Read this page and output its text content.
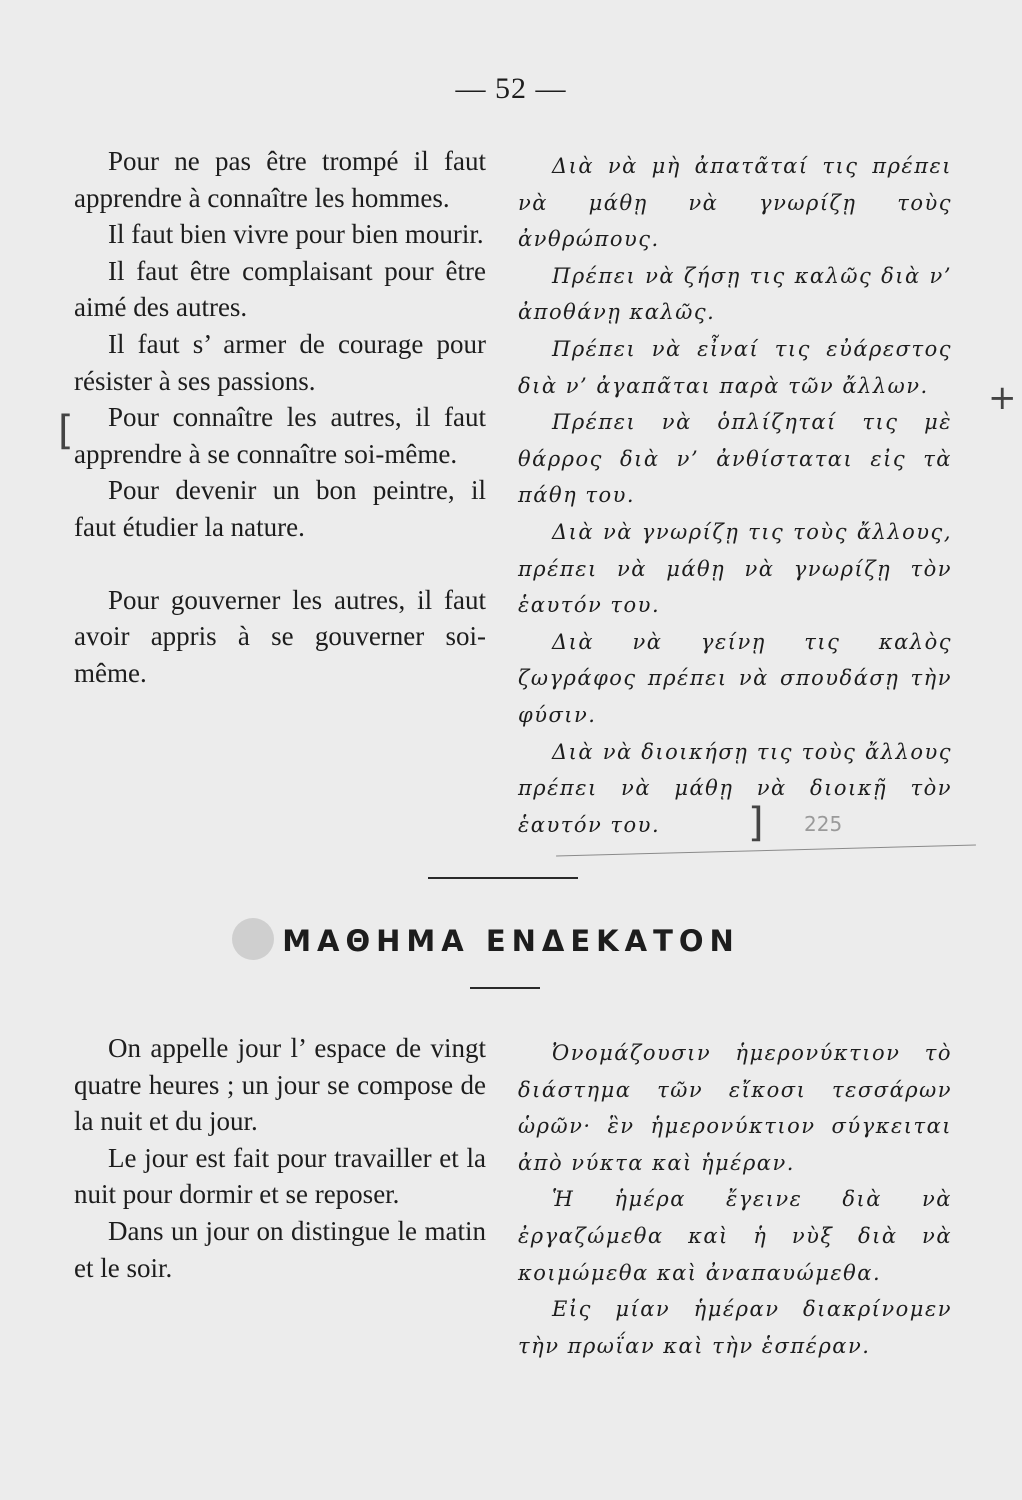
— 52 —

Pour ne pas être trompé il faut apprendre à connaître les hommes.

Il faut bien vivre pour bien mourir.

Il faut être complaisant pour être aimé des autres.

Il faut s’ armer de courage pour résister à ses passions.

Pour connaître les autres, il faut apprendre à se connaître soi-même.

Pour devenir un bon peintre, il faut étudier la nature.

Pour gouverner les autres, il faut avoir appris à se gouverner soi-même.

Διὰ νὰ μὴ ἀπατᾶταί τις πρέπει νὰ μάθῃ νὰ γνωρίζῃ τοὺς ἀνθρώπους.

Πρέπει νὰ ζήσῃ τις καλῶς διὰ ν’ ἀποθάνῃ καλῶς.

Πρέπει νὰ εἶναί τις εὐάρεστος διὰ ν’ ἀγαπᾶται παρὰ τῶν ἄλλων.

Πρέπει νὰ ὁπλίζηταί τις μὲ θάρρος διὰ ν’ ἀνθίσταται εἰς τὰ πάθη του.

Διὰ νὰ γνωρίζῃ τις τοὺς ἄλλους, πρέπει νὰ μάθῃ νὰ γνωρίζῃ τὸν ἑαυτόν του.

Διὰ νὰ γείνῃ τις καλὸς ζωγράφος πρέπει νὰ σπουδάσῃ τὴν φύσιν.

Διὰ νὰ διοικήσῃ τις τοὺς ἄλλους πρέπει νὰ μάθῃ νὰ διοικῇ τὸν ἑαυτόν του.

+
[
] 225
ΜΑΘΗΜΑ ΕΝΔΕΚΑΤΟΝ

On appelle jour l’ espace de vingt quatre heures ; un jour se compose de la nuit et du jour.

Le jour est fait pour travailler et la nuit pour dormir et se reposer.

Dans un jour on distingue le matin et le soir.

Ὀνομάζουσιν ἡμερονύκτιον τὸ διάστημα τῶν εἴκοσι τεσσάρων ὡρῶν· ἓν ἡμερονύκτιον σύγκειται ἀπὸ νύκτα καὶ ἡμέραν.

Ἡ ἡμέρα ἔγεινε διὰ νὰ ἐργαζώμεθα καὶ ἡ νὺξ διὰ νὰ κοιμώμεθα καὶ ἀναπαυώμεθα.

Εἰς μίαν ἡμέραν διακρίνομεν τὴν πρωΐαν καὶ τὴν ἑσπέραν.
